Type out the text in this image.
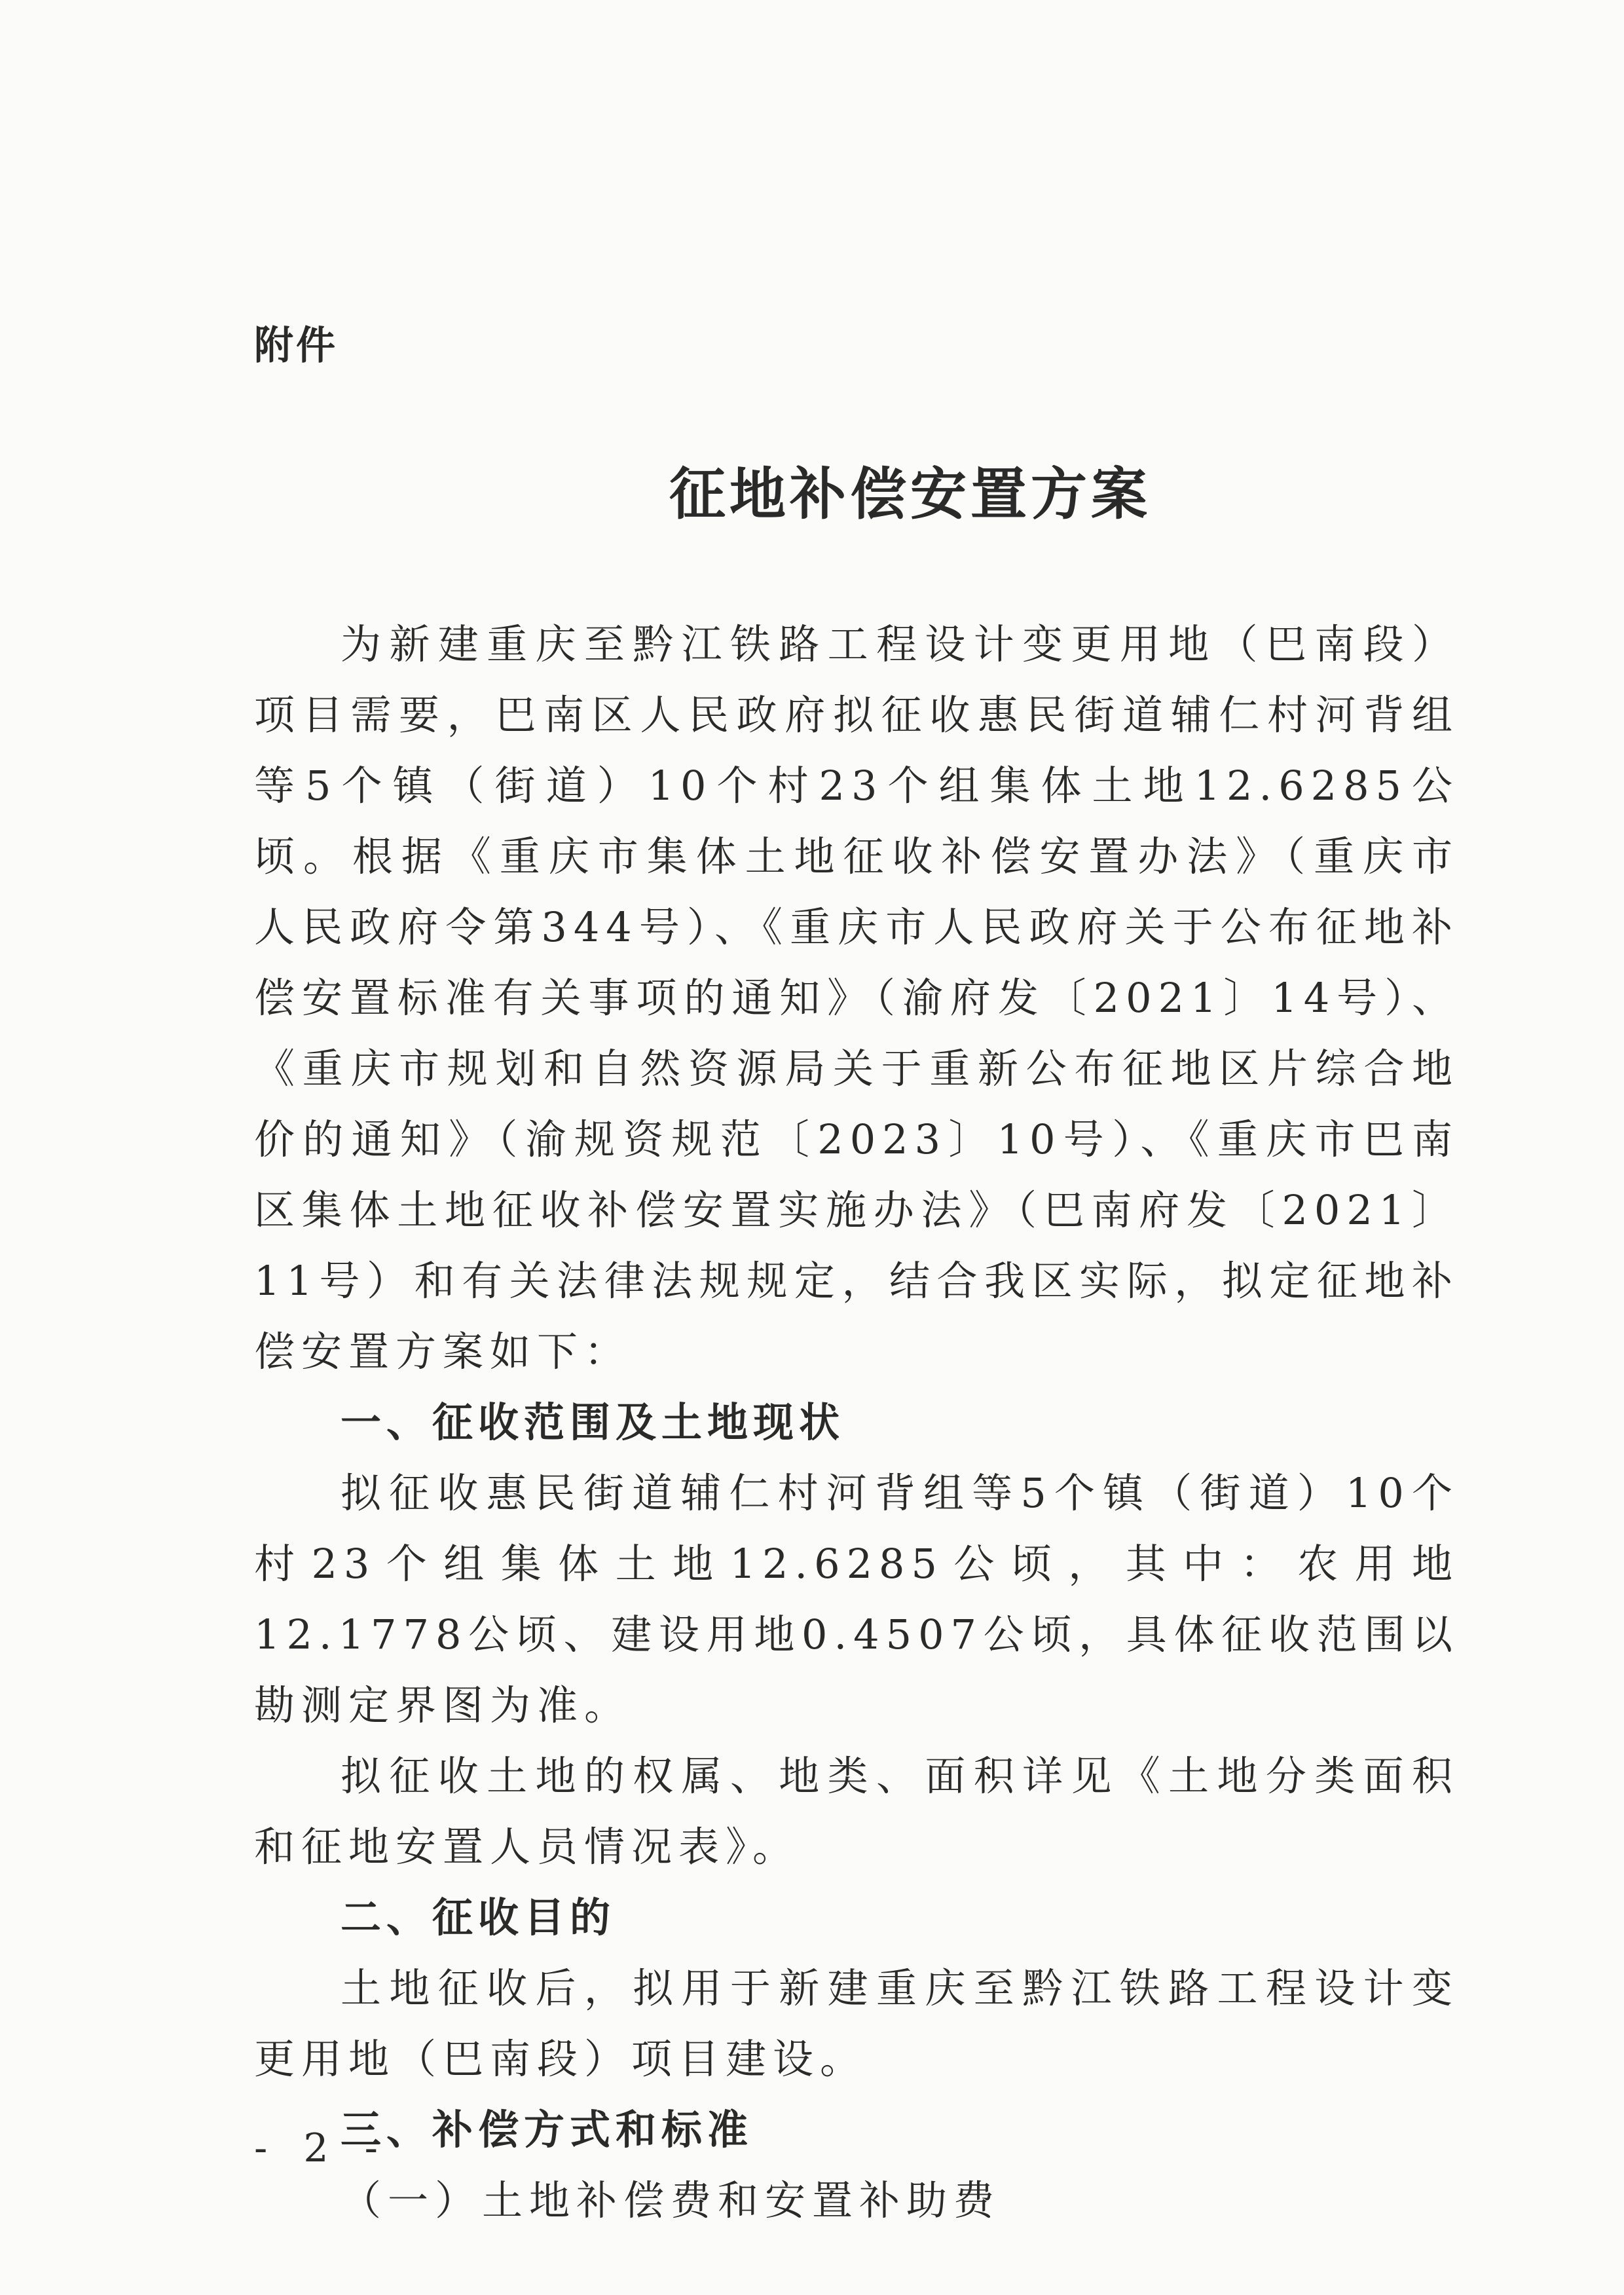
附件
征地补偿安置方案

为新建重庆至黔江铁路工程设计变更用地（巴南段）项目需要，巴南区人民政府拟征收惠民街道辅仁村河背组等5个镇（街道）10个村23个组集体土地12.6285公顷。根据《重庆市集体土地征收补偿安置办法》（重庆市人民政府令第344号）、《重庆市人民政府关于公布征地补偿安置标准有关事项的通知》（渝府发〔2021〕14号）、《重庆市规划和自然资源局关于重新公布征地区片综合地价的通知》（渝规资规范〔2023〕10号）、《重庆市巴南区集体土地征收补偿安置实施办法》（巴南府发〔2021〕11号）和有关法律法规规定，结合我区实际，拟定征地补偿安置方案如下：

一、征收范围及土地现状

拟征收惠民街道辅仁村河背组等5个镇（街道）10个村23个组集体土地12.6285公顷，其中：农用地12.1778公顷、建设用地0.4507公顷，具体征收范围以勘测定界图为准。

拟征收土地的权属、地类、面积详见《土地分类面积和征地安置人员情况表》。

二、征收目的

土地征收后，拟用于新建重庆至黔江铁路工程设计变更用地（巴南段）项目建设。

三、补偿方式和标准

（一）土地补偿费和安置补助费

- 2 -
